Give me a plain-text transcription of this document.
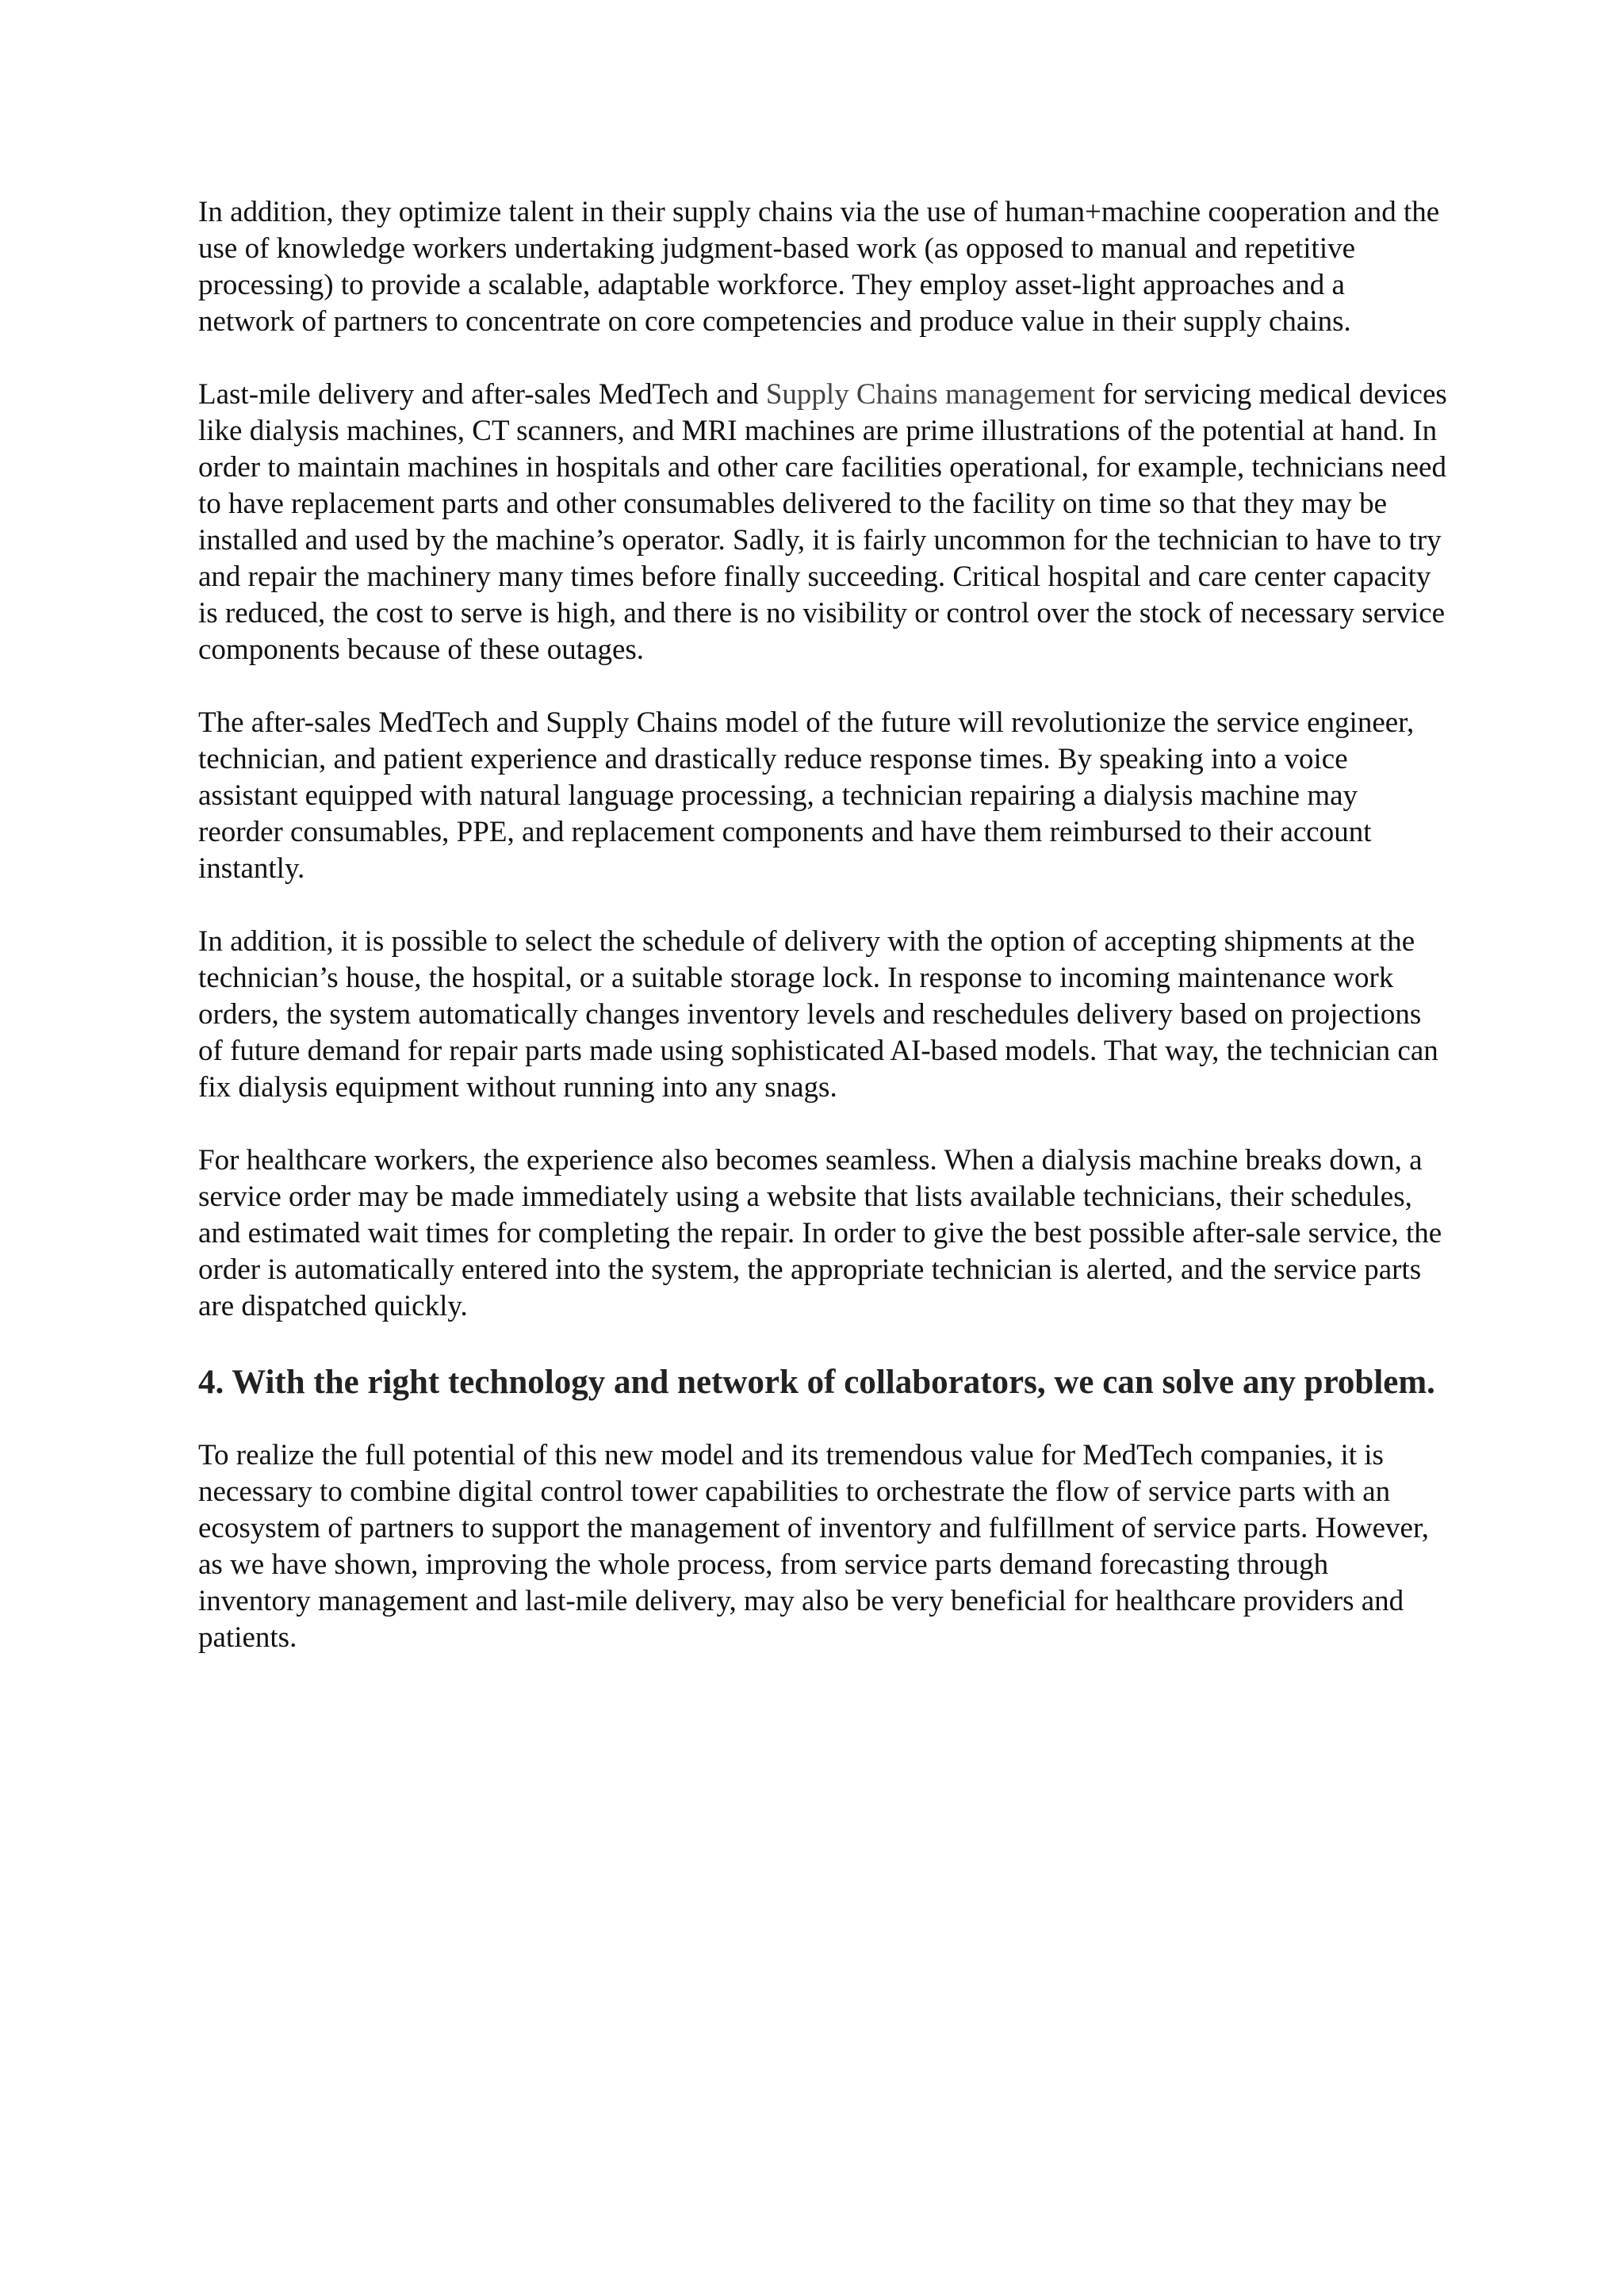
In addition, they optimize talent in their supply chains via the use of human+machine cooperation and the use of knowledge workers undertaking judgment-based work (as opposed to manual and repetitive processing) to provide a scalable, adaptable workforce. They employ asset-light approaches and a network of partners to concentrate on core competencies and produce value in their supply chains.

Last-mile delivery and after-sales MedTech and Supply Chains management for servicing medical devices like dialysis machines, CT scanners, and MRI machines are prime illustrations of the potential at hand. In order to maintain machines in hospitals and other care facilities operational, for example, technicians need to have replacement parts and other consumables delivered to the facility on time so that they may be installed and used by the machine’s operator. Sadly, it is fairly uncommon for the technician to have to try and repair the machinery many times before finally succeeding. Critical hospital and care center capacity is reduced, the cost to serve is high, and there is no visibility or control over the stock of necessary service components because of these outages.

The after-sales MedTech and Supply Chains model of the future will revolutionize the service engineer, technician, and patient experience and drastically reduce response times. By speaking into a voice assistant equipped with natural language processing, a technician repairing a dialysis machine may reorder consumables, PPE, and replacement components and have them reimbursed to their account instantly.

In addition, it is possible to select the schedule of delivery with the option of accepting shipments at the technician’s house, the hospital, or a suitable storage lock. In response to incoming maintenance work orders, the system automatically changes inventory levels and reschedules delivery based on projections of future demand for repair parts made using sophisticated AI-based models. That way, the technician can fix dialysis equipment without running into any snags.

For healthcare workers, the experience also becomes seamless. When a dialysis machine breaks down, a service order may be made immediately using a website that lists available technicians, their schedules, and estimated wait times for completing the repair. In order to give the best possible after-sale service, the order is automatically entered into the system, the appropriate technician is alerted, and the service parts are dispatched quickly.

4. With the right technology and network of collaborators, we can solve any problem.

To realize the full potential of this new model and its tremendous value for MedTech companies, it is necessary to combine digital control tower capabilities to orchestrate the flow of service parts with an ecosystem of partners to support the management of inventory and fulfillment of service parts. However, as we have shown, improving the whole process, from service parts demand forecasting through inventory management and last-mile delivery, may also be very beneficial for healthcare providers and patients.
